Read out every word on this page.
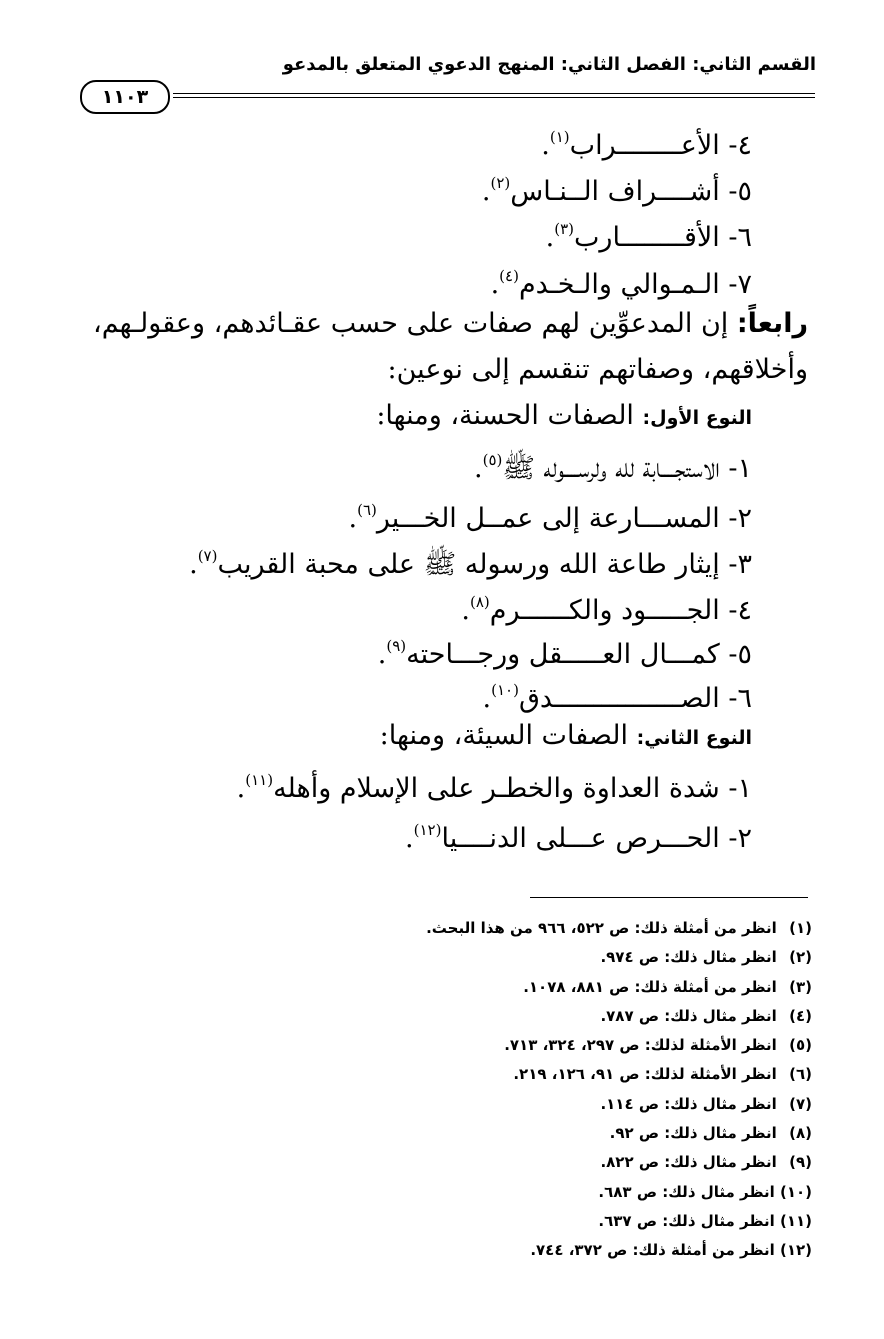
القسم الثاني: الفصل الثاني: المنهج الدعوي المتعلق بالمدعو
١١٠٣
٤- الأعــــــــراب$^{(١)}$.
٥- أشــــراف الــنـاس$^{(٢)}$.
٦- الأقــــــــارب$^{(٣)}$.
٧- الـمـوالي والـخـدم$^{(٤)}$.
رابعاً: إن المدعوِّين لهم صفات على حسب عقـائدهم، وعقولـهم،
وأخلاقهم، وصفاتهم تنقسم إلى نوعين:
النوع الأول: الصفات الحسنة، ومنها:
١- الاستجــــابة لله ولرســــوله ﷺ$^{(٥)}$.
٢- المســـارعة إلى عمــل الخـــير$^{(٦)}$.
٣- إيثار طاعة الله ورسوله ﷺ على محبة القريب$^{(٧)}$.
٤- الجـــــود والكــــــرم$^{(٨)}$.
٥- كمـــال العـــــقل ورجـــاحته$^{(٩)}$.
٦- الصــــــــــــــــدق$^{(١٠)}$.
النوع الثاني: الصفات السيئة، ومنها:
١- شدة العداوة والخطـر على الإسلام وأهله$^{(١١)}$.
٢- الحـــرص عـــلى الدنــــيا$^{(١٢)}$.
(١) انظر من أمثلة ذلك: ص ٥٢٢، ٩٦٦ من هذا البحث.
(٢) انظر مثال ذلك: ص ٩٧٤.
(٣) انظر من أمثلة ذلك: ص ٨٨١، ١٠٧٨.
(٤) انظر مثال ذلك: ص ٧٨٧.
(٥) انظر الأمثلة لذلك: ص ٢٩٧، ٣٢٤، ٧١٣.
(٦) انظر الأمثلة لذلك: ص ٩١، ١٢٦، ٢١٩.
(٧) انظر مثال ذلك: ص ١١٤.
(٨) انظر مثال ذلك: ص ٩٢.
(٩) انظر مثال ذلك: ص ٨٢٢.
(١٠) انظر مثال ذلك: ص ٦٨٣.
(١١) انظر مثال ذلك: ص ٦٣٧.
(١٢) انظر من أمثلة ذلك: ص ٣٧٢، ٧٤٤.
